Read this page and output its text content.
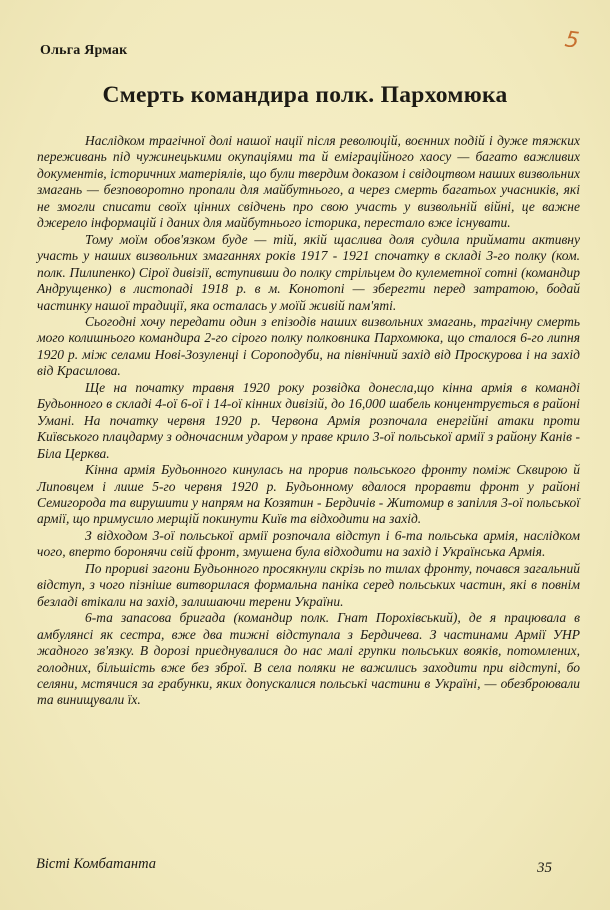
5
Ольга Ярмак
Смерть командира полк. Пархомюка

Наслідком трагічної долі нашої нації після революцій, воєнних подій і дуже тяжких переживань під чужинецькими окупаціями та й еміграційного хаосу — багато важливих документів, історичних матеріялів, що були твердим доказом і свідоцтвом наших визвольних змагань — безповоротно пропали для майбутнього, а через смерть багатьох учасників, які не змогли списати своїх цінних свідчень про свою участь у визвольній війні, це важне джерело інформацій і даних для майбутнього історика, перестало вже існувати.

Тому моїм обов'язком буде — тій, якій щаслива доля судила приймати активну участь у наших визвольних змаганнях років 1917 - 1921 спочатку в складі 3-го полку (ком. полк. Пилипенко) Сірої дивізії, вступивши до полку стрільцем до кулеметної сотні (командир Андрущенко) в листопаді 1918 р. в м. Конотопі — зберегти перед затратою, бодай частинку нашої традиції, яка осталась у моїй живій пам'яті.

Сьогодні хочу передати один з епізодів наших визвольних змагань, трагічну смерть мого колишнього командира 2-го сірого полку полковника Пархомюка, що сталося 6-го липня 1920 р. між селами Нові-Зозуленці і Сороподуби, на північний захід від Проскурова і на захід від Красилова.

Ще на початку травня 1920 року розвідка донесла,що кінна армія в команді Будьонного в складі 4-ої 6-ої і 14-ої кінних дивізій, до 16,000 шабель концентрується в районі Умані. На початку червня 1920 р. Червона Армія розпочала енергійні атаки проти Київського плацдарму з одночасним ударом у праве крило 3-ої польської армії з району Канів - Біла Церква.

Кінна армія Будьонного кинулась на прорив польського фронту поміж Сквирою й Липовцем і лише 5-го червня 1920 р. Будьонному вдалося проравти фронт у районі Семигорода та вирушити у напрям на Козятин - Бердичів - Житомир в запілля 3-ої польської армії, що примусило мерщій покинути Київ та відходити на захід.

З відходом 3-ої польської армії розпочала відступ і 6-та польська армія, наслідком чого, вперто боронячи свій фронт, змушена була відходити на захід і Українська Армія.

По прориві загони Будьонного просякнули скрізь по тилах фронту, почався загальний відступ, з чого пізніше витворилася формальна паніка серед польських частин, які в повнім безладі втікали на захід, залишаючи терени України.

6-та запасова бригада (командир полк. Гнат Порохівський), де я працювала в амбулянсі як сестра, вже два тижні відступала з Бердичева. З частинами Армії УНР жадного зв'язку. В дорозі приєднувалися до нас малі групки польських вояків, потомлених, голодних, більшість вже без зброї. В села поляки не важились заходити при відступі, бо селяни, мстячися за грабунки, яких допускалися польські частини в Україні, — обезброювали та винищували їх.

Вісті Комбатанта	35
